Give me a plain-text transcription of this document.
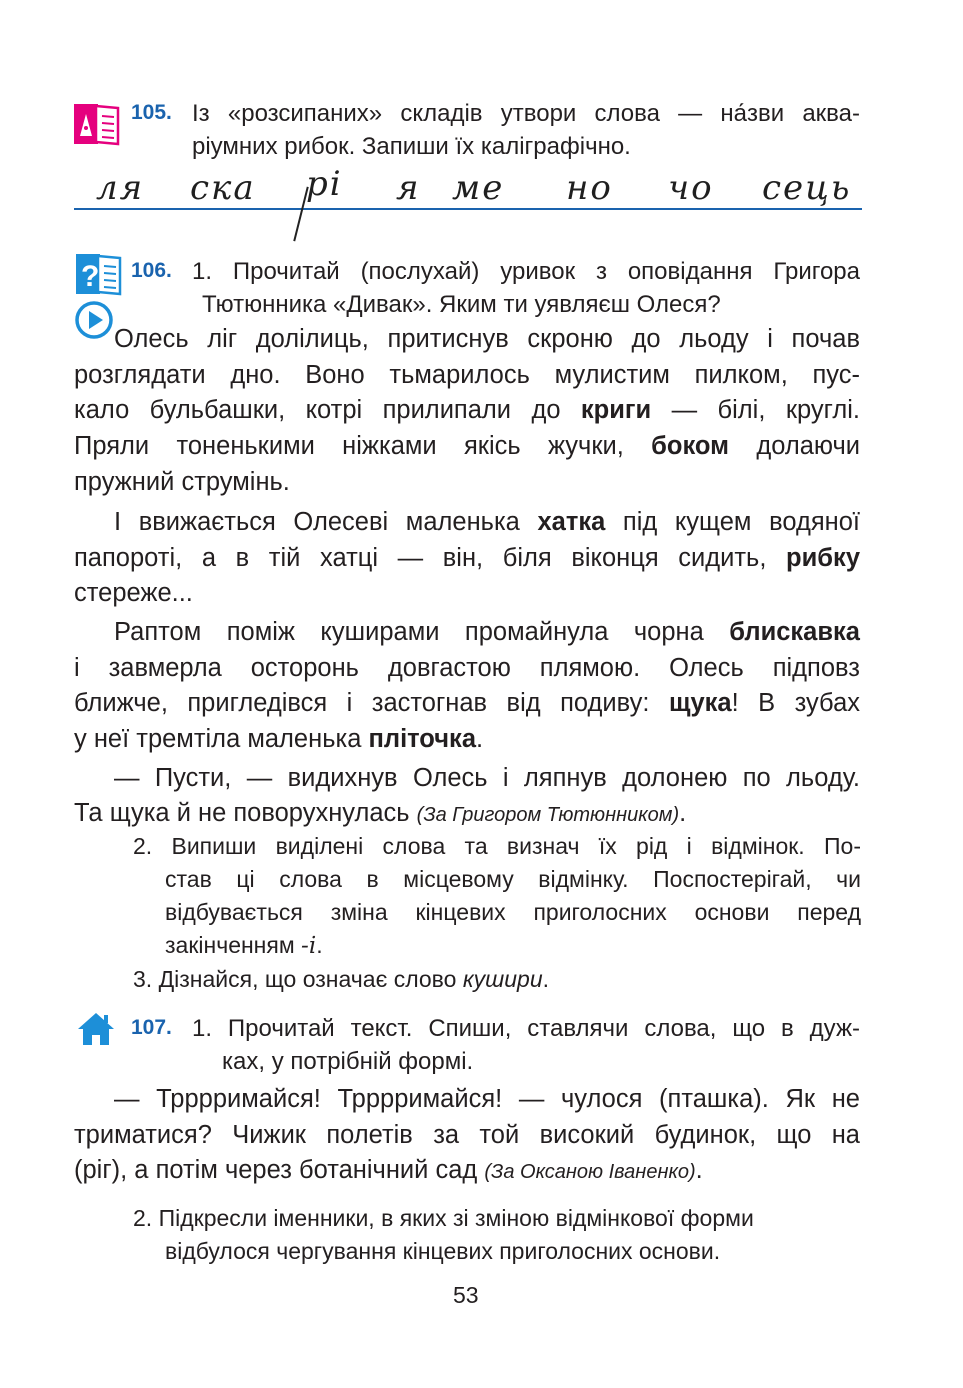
105. Із «розсипаних» складів утвори слова — на́зви аква-
ріумних рибок. Запиши їх каліграфічно.
ля ска рі я ме но чо сець
? 106. 1. Прочитай (послухай) уривок з оповідання Григора
Тютюнника «Дивак». Яким ти уявляєш Олеся?
Олесь ліг долілиць, притиснув скроню до льоду і почав
розглядати дно. Воно тьмарилось мулистим пилком, пус-
кало бульбашки, котрі прилипали до криги — білі, круглі.
Пряли тоненькими ніжками якісь жучки, боком долаючи
пружний струмінь.
І ввижається Олесеві маленька хатка під кущем водяної
папороті, а в тій хатці — він, біля віконця сидить, рибку
стереже...
Раптом поміж куширами промайнула чорна блискавка
і завмерла осторонь довгастою плямою. Олесь підповз
ближче, пригледівся і застогнав від подиву: щука! В зубах
у неї тремтіла маленька пліточка.
— Пусти, — видихнув Олесь і ляпнув долонею по льоду.
Та щука й не поворухнулась (За Григором Тютюнником).
2. Випиши виділені слова та визнач їх рід і відмінок. По-
став ці слова в місцевому відмінку. Поспостерігай, чи
відбувається зміна кінцевих приголосних основи перед
закінченням -і.
3. Дізнайся, що означає слово кушири.
107. 1. Прочитай текст. Спиши, ставлячи слова, що в дуж-
ках, у потрібній формі.
— Трррримайся! Трррримайся! — чулося (пташка). Як не
триматися? Чижик полетів за той високий будинок, що на
(ріг), а потім через ботанічний сад (За Оксаною Іваненко).
2. Підкресли іменники, в яких зі зміною відмінкової форми
відбулося чергування кінцевих приголосних основи.
53
